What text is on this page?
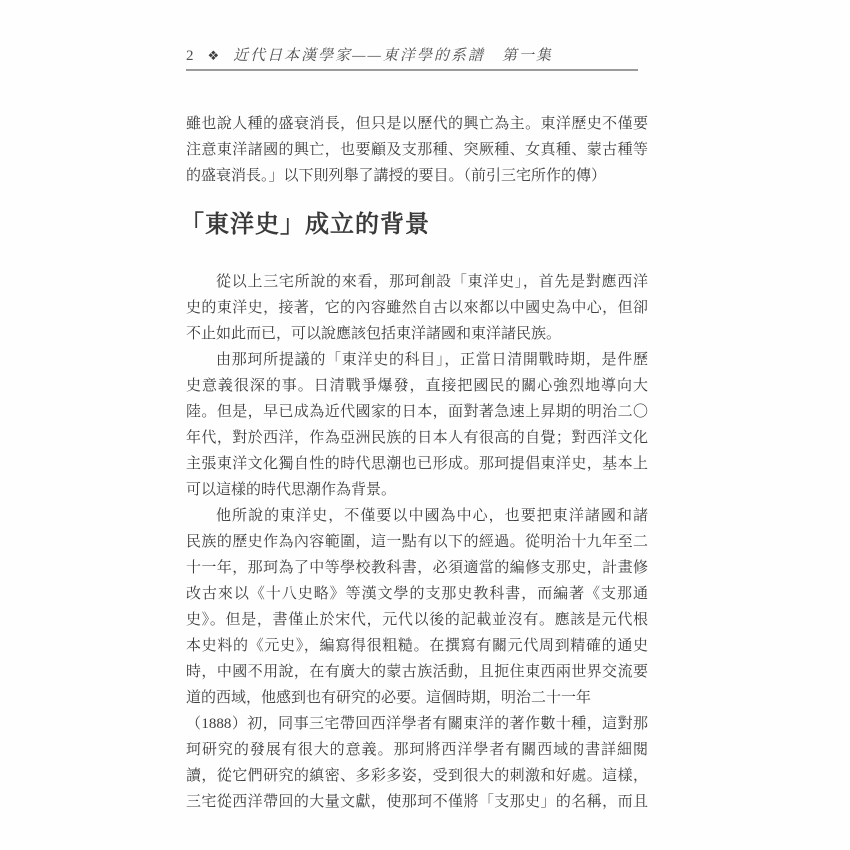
2 ❖ 近代日本漢學家——東洋學的系譜　第一集
雖也說人種的盛衰消長，但只是以歷代的興亡為主。東洋歷史不僅要
注意東洋諸國的興亡，也要顧及支那種、突厥種、女真種、蒙古種等
的盛衰消長。」以下則列舉了講授的要目。（前引三宅所作的傳）
「東洋史」成立的背景
從以上三宅所說的來看，那珂創設「東洋史」，首先是對應西洋
史的東洋史，接著，它的內容雖然自古以來都以中國史為中心，但卻
不止如此而已，可以說應該包括東洋諸國和東洋諸民族。
由那珂所提議的「東洋史的科目」，正當日清開戰時期，是件歷
史意義很深的事。日清戰爭爆發，直接把國民的關心強烈地導向大
陸。但是，早已成為近代國家的日本，面對著急速上昇期的明治二〇
年代，對於西洋，作為亞洲民族的日本人有很高的自覺；對西洋文化
主張東洋文化獨自性的時代思潮也已形成。那珂提倡東洋史，基本上
可以這樣的時代思潮作為背景。
他所說的東洋史，不僅要以中國為中心，也要把東洋諸國和諸
民族的歷史作為內容範圍，這一點有以下的經過。從明治十九年至二
十一年，那珂為了中等學校教科書，必須適當的編修支那史，計畫修
改古來以《十八史略》等漢文學的支那史教科書，而編著《支那通
史》。但是，書僅止於宋代，元代以後的記載並沒有。應該是元代根
本史料的《元史》，編寫得很粗糙。在撰寫有關元代周到精確的通史
時，中國不用說，在有廣大的蒙古族活動，且扼住東西兩世界交流要
道的西域，他感到也有研究的必要。這個時期，明治二十一年
（1888）初，同事三宅帶回西洋學者有關東洋的著作數十種，這對那
珂研究的發展有很大的意義。那珂將西洋學者有關西域的書詳細閱
讀，從它們研究的縝密、多彩多姿，受到很大的刺激和好處。這樣，
三宅從西洋帶回的大量文獻，使那珂不僅將「支那史」的名稱，而且
